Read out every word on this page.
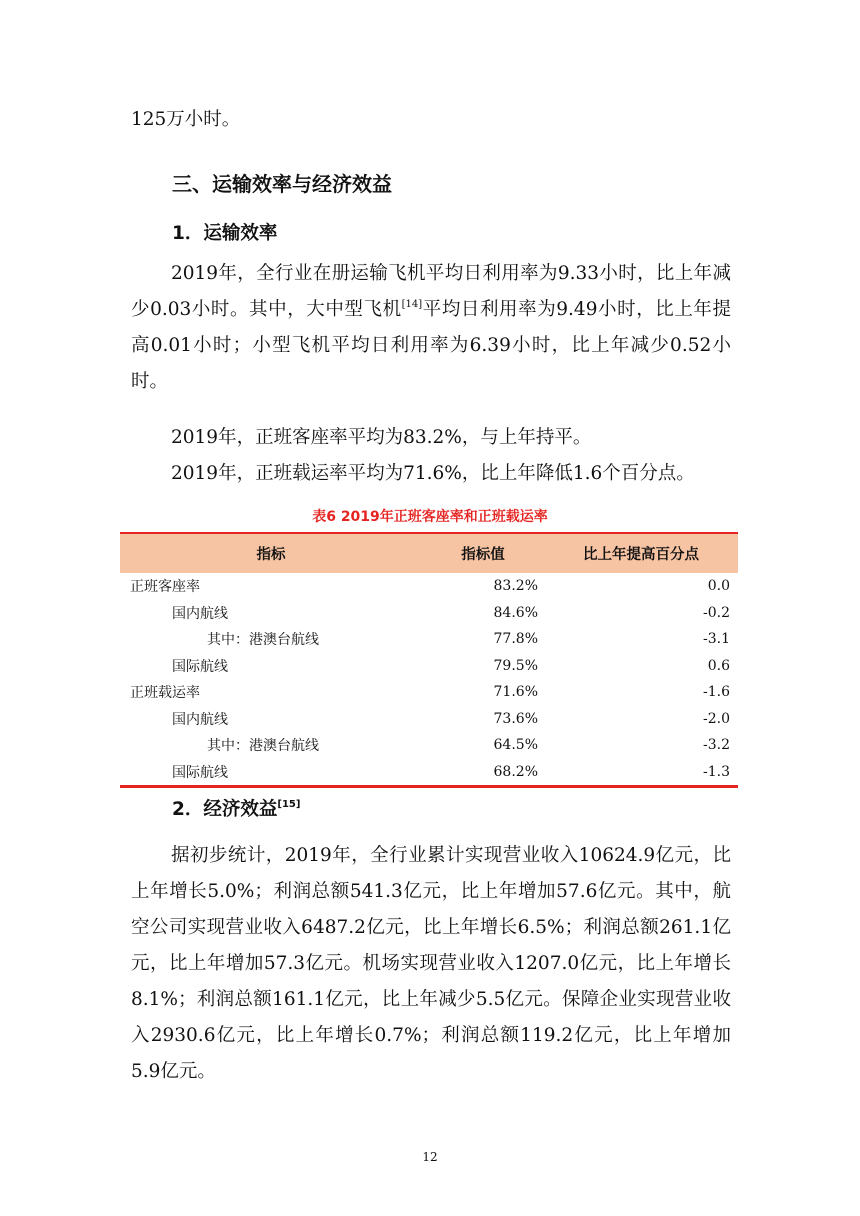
125万小时。

三、运输效率与经济效益
1．运输效率

2019年，全行业在册运输飞机平均日利用率为9.33小时，比上年减少0.03小时。其中，大中型飞机[14]平均日利用率为9.49小时，比上年提高0.01小时；小型飞机平均日利用率为6.39小时，比上年减少0.52小时。

2019年，正班客座率平均为83.2%，与上年持平。

2019年，正班载运率平均为71.6%，比上年降低1.6个百分点。

表6 2019年正班客座率和正班载运率
指标	指标值	比上年提高百分点
正班客座率	83.2%	0.0
国内航线	84.6%	-0.2
其中：港澳台航线	77.8%	-3.1
国际航线	79.5%	0.6
正班载运率	71.6%	-1.6
国内航线	73.6%	-2.0
其中：港澳台航线	64.5%	-3.2
国际航线	68.2%	-1.3
2．经济效益[15]

据初步统计，2019年，全行业累计实现营业收入10624.9亿元，比上年增长5.0%；利润总额541.3亿元，比上年增加57.6亿元。其中，航空公司实现营业收入6487.2亿元，比上年增长6.5%；利润总额261.1亿元，比上年增加57.3亿元。机场实现营业收入1207.0亿元，比上年增长8.1%；利润总额161.1亿元，比上年减少5.5亿元。保障企业实现营业收入2930.6亿元，比上年增长0.7%；利润总额119.2亿元，比上年增加5.9亿元。

12
